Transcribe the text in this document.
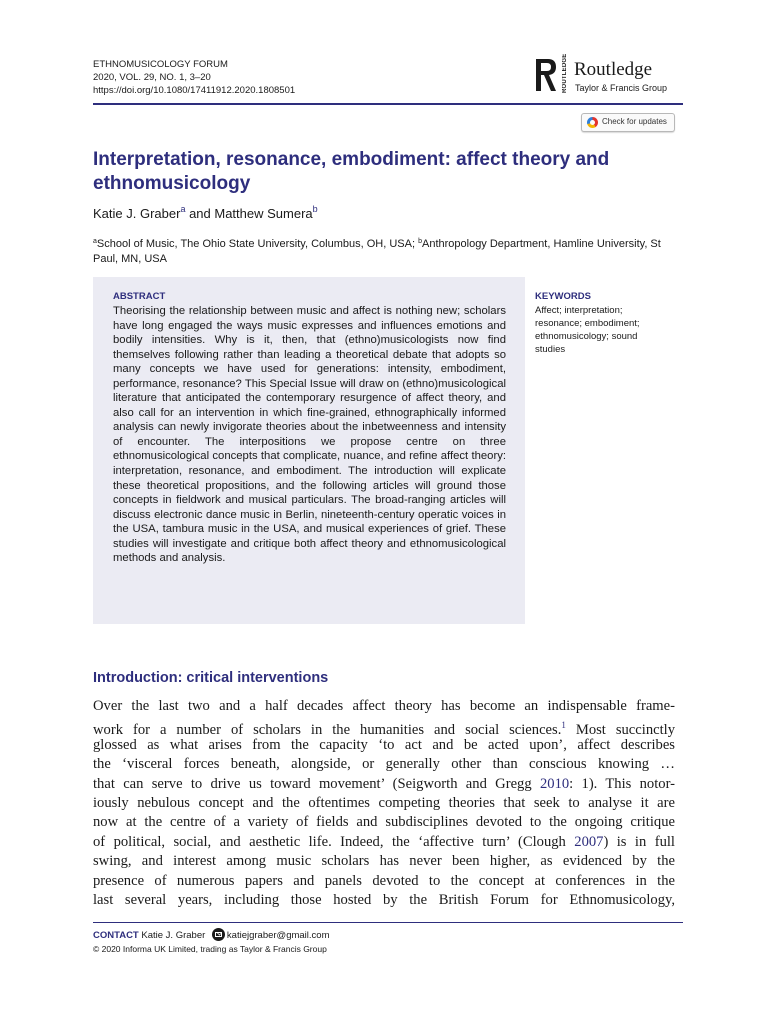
ETHNOMUSICOLOGY FORUM
2020, VOL. 29, NO. 1, 3–20
https://doi.org/10.1080/17411912.2020.1808501	ROUTLEDGE Routledge
Taylor & Francis Group
Check for updates
Interpretation, resonance, embodiment: affect theory and ethnomusicology
Katie J. Graber$^a$ and Matthew Sumera$^b$
$^a$School of Music, The Ohio State University, Columbus, OH, USA; $^b$Anthropology Department, Hamline University, St Paul, MN, USA
ABSTRACT
Theorising the relationship between music and affect is nothing new; scholars have long engaged the ways music expresses and influences emotions and bodily intensities. Why is it, then, that (ethno)musicologists now find themselves following rather than leading a theoretical debate that adopts so many concepts we have used for generations: intensity, embodiment, performance, resonance? This Special Issue will draw on (ethno)musicological literature that anticipated the contemporary resurgence of affect theory, and also call for an intervention in which fine-grained, ethnographically informed analysis can newly invigorate theories about the inbetweenness and intensity of encounter. The interpositions we propose centre on three ethnomusicological concepts that complicate, nuance, and refine affect theory: interpretation, resonance, and embodiment. The introduction will explicate these theoretical propositions, and the following articles will ground those concepts in fieldwork and musical particulars. The broad-ranging articles will discuss electronic dance music in Berlin, nineteenth-century operatic voices in the USA, tambura music in the USA, and musical experiences of grief. These studies will investigate and critique both affect theory and ethnomusicological methods and analysis.
KEYWORDS
Affect; interpretation; resonance; embodiment; ethnomusicology; sound studies
Introduction: critical interventions
Over the last two and a half decades affect theory has become an indispensable frame-
work for a number of scholars in the humanities and social sciences.$^1$ Most succinctly
glossed as what arises from the capacity ‘to act and be acted upon’, affect describes
the ‘visceral forces beneath, alongside, or generally other than conscious knowing …
that can serve to drive us toward movement’ (Seigworth and Gregg 2010: 1). This notor-
iously nebulous concept and the oftentimes competing theories that seek to analyse it are
now at the centre of a variety of fields and subdisciplines devoted to the ongoing critique
of political, social, and aesthetic life. Indeed, the ‘affective turn’ (Clough 2007) is in full
swing, and interest among music scholars has never been higher, as evidenced by the
presence of numerous papers and panels devoted to the concept at conferences in the
last several years, including those hosted by the British Forum for Ethnomusicology,
CONTACT Katie J. Graber katiejgraber@gmail.com
© 2020 Informa UK Limited, trading as Taylor & Francis Group
